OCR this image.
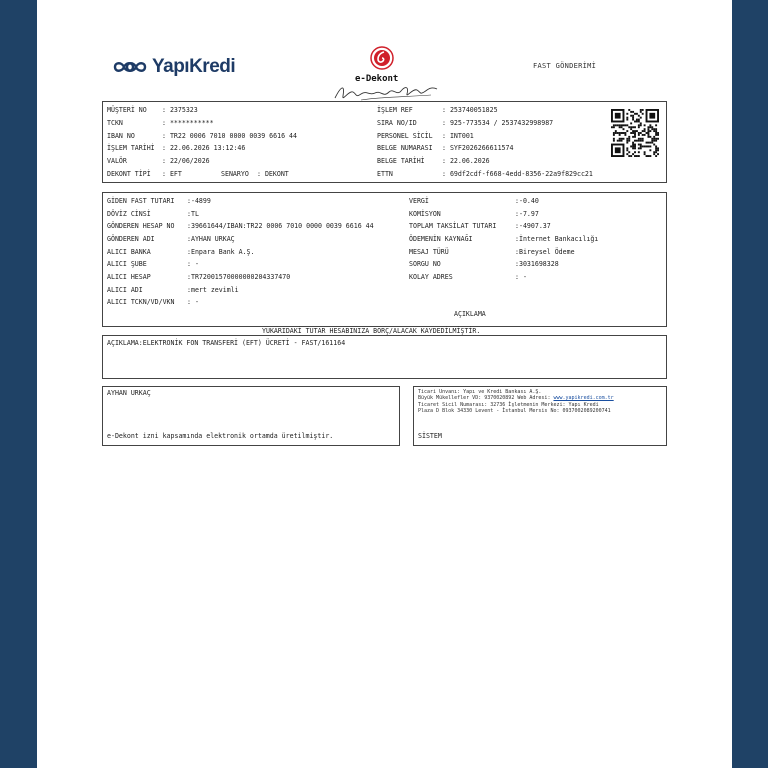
YapıKredi
e-Dekont
FAST GÖNDERİMİ
MÜŞTERİ NO : 2375323
TCKN	: ***********
IBAN NO	: TR22 0006 7010 0000 0039 6616 44
İŞLEM TARİHİ : 22.06.2026 13:12:46
VALÖR	: 22/06/2026
DEKONT TİPİ : EFT	SENARYO : DEKONT
İŞLEM REF	: 253740051825
SIRA NO/ID	: 925-773534 / 2537432998987
PERSONEL SİCİL : INT001
BELGE NUMARASI : SYF2026266611574
BELGE TARİHİ	: 22.06.2026
ETTN	: 69df2cdf-f668-4edd-8356-22a9f829cc21
GİDEN FAST TUTARI :-4899
DÖVİZ CİNSİ	:TL
GÖNDEREN HESAP NO :39661644/IBAN:TR22 0006 7010 0000 0039 6616 44
GÖNDEREN ADI	:AYHAN URKAÇ
ALICI BANKA	:Enpara Bank A.Ş.
ALICI ŞUBE	: -
ALICI HESAP	:TR72001570000000204337470
ALICI ADI	:mert zevimli
ALICI TCKN/VD/VKN : -
VERGİ	:-0.40
KOMİSYON	:-7.97
TOPLAM TAKSİLAT TUTARI	:-4907.37
ÖDEMENİN KAYNAĞI	:İnternet Bankacılığı
MESAJ TÜRÜ	:Bireysel Ödeme
SORGU NO	:3031698328
KOLAY ADRES	: -
AÇIKLAMA
YUKARIDAKİ TUTAR HESABINIZA BORÇ/ALACAK KAYDEDİLMİŞTİR.
AÇIKLAMA:ELEKTRONİK FON TRANSFERİ (EFT) ÜCRETİ - FAST/161164
AYHAN URKAÇ
e-Dekont izni kapsamında elektronik ortamda üretilmiştir.
Ticari Unvanı: Yapı ve Kredi Bankası A.Ş.
Büyük Mükellefler VD: 9370020892 Web Adresi: www.yapikredi.com.tr
Ticaret Sicil Numarası: 32736 İşletmenin Merkezi: Yapı Kredi
Plaza D Blok 34330 Levent - İstanbul Mersis No: 0937002089200741
SİSTEM
